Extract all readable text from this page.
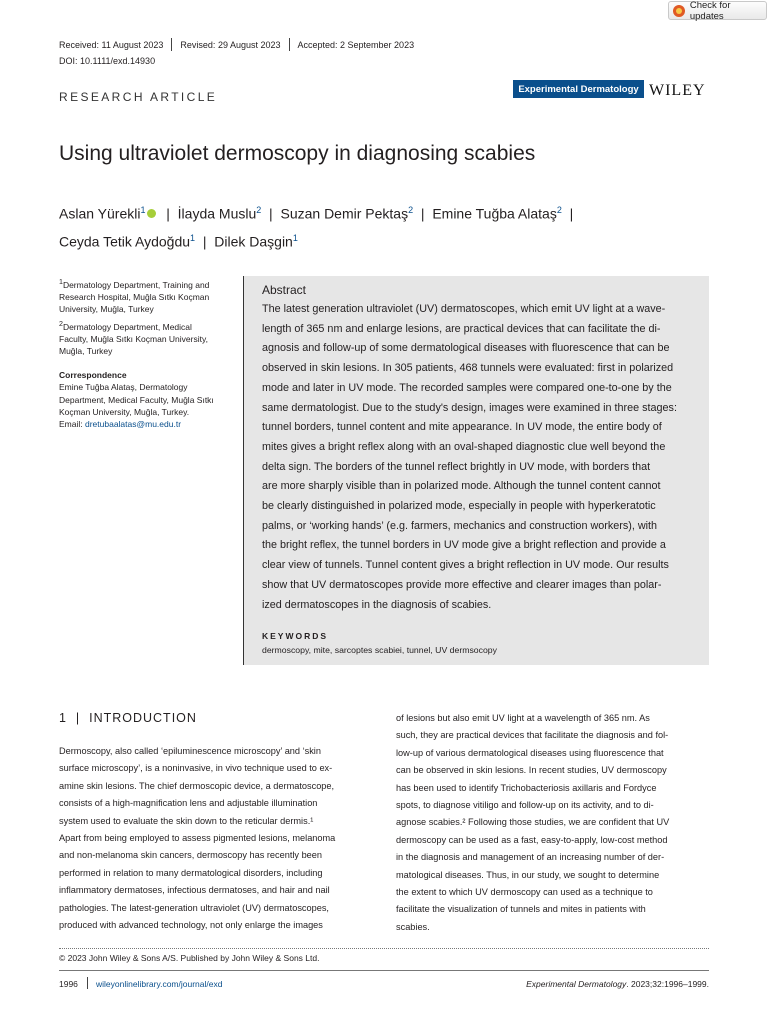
Check for updates
Received: 11 August 2023	Revised: 29 August 2023	Accepted: 2 September 2023
DOI: 10.1111/exd.14930
RESEARCH ARTICLE
Experimental Dermatology WILEY
Using ultraviolet dermoscopy in diagnosing scabies
Aslan Yürekli$^1$  |  İlayda Muslu$^2$  |  Suzan Demir Pektaş$^2$  |  Emine Tuğba Alataş$^2$  |
Ceyda Tetik Aydoğdu$^1$  |  Dilek Daşgin$^1$
$^1$Dermatology Department, Training and
Research Hospital, Muğla Sıtkı Koçman
University, Muğla, Turkey
$^2$Dermatology Department, Medical
Faculty, Muğla Sıtkı Koçman University,
Muğla, Turkey
Correspondence
Emine Tuğba Alataş, Dermatology
Department, Medical Faculty, Muğla Sıtkı
Koçman University, Muğla, Turkey.
Email: dretubaalatas@mu.edu.tr
Abstract
The latest generation ultraviolet (UV) dermatoscopes, which emit UV light at a wave-
length of 365 nm and enlarge lesions, are practical devices that can facilitate the di-
agnosis and follow-up of some dermatological diseases with fluorescence that can be
observed in skin lesions. In 305 patients, 468 tunnels were evaluated: first in polarized
mode and later in UV mode. The recorded samples were compared one-to-one by the
same dermatologist. Due to the study's design, images were examined in three stages:
tunnel borders, tunnel content and mite appearance. In UV mode, the entire body of
mites gives a bright reflex along with an oval-shaped diagnostic clue well beyond the
delta sign. The borders of the tunnel reflect brightly in UV mode, with borders that
are more sharply visible than in polarized mode. Although the tunnel content cannot
be clearly distinguished in polarized mode, especially in people with hyperkeratotic
palms, or ‘working hands’ (e.g. farmers, mechanics and construction workers), with
the bright reflex, the tunnel borders in UV mode give a bright reflection and provide a
clear view of tunnels. Tunnel content gives a bright reflection in UV mode. Our results
show that UV dermatoscopes provide more effective and clearer images than polar-
ized dermatoscopes in the diagnosis of scabies.
KEYWORDS
dermoscopy, mite, sarcoptes scabiei, tunnel, UV dermsocopy
1  |  INTRODUCTION
Dermoscopy, also called ‘epiluminescence microscopy’ and ‘skin
surface microscopy’, is a noninvasive, in vivo technique used to ex-
amine skin lesions. The chief dermoscopic device, a dermatoscope,
consists of a high-magnification lens and adjustable illumination
system used to evaluate the skin down to the reticular dermis.¹
Apart from being employed to assess pigmented lesions, melanoma
and non-melanoma skin cancers, dermoscopy has recently been
performed in relation to many dermatological disorders, including
inflammatory dermatoses, infectious dermatoses, and hair and nail
pathologies. The latest-generation ultraviolet (UV) dermatoscopes,
produced with advanced technology, not only enlarge the images
of lesions but also emit UV light at a wavelength of 365 nm. As
such, they are practical devices that facilitate the diagnosis and fol-
low-up of various dermatological diseases using fluorescence that
can be observed in skin lesions. In recent studies, UV dermoscopy
has been used to identify Trichobacteriosis axillaris and Fordyce
spots, to diagnose vitiligo and follow-up on its activity, and to di-
agnose scabies.² Following those studies, we are confident that UV
dermoscopy can be used as a fast, easy-to-apply, low-cost method
in the diagnosis and management of an increasing number of der-
matological diseases. Thus, in our study, we sought to determine
the extent to which UV dermoscopy can used as a technique to
facilitate the visualization of tunnels and mites in patients with
scabies.
© 2023 John Wiley & Sons A/S. Published by John Wiley & Sons Ltd.
1996 wileyonlinelibrary.com/journal/exd	Experimental Dermatology. 2023;32:1996–1999.
